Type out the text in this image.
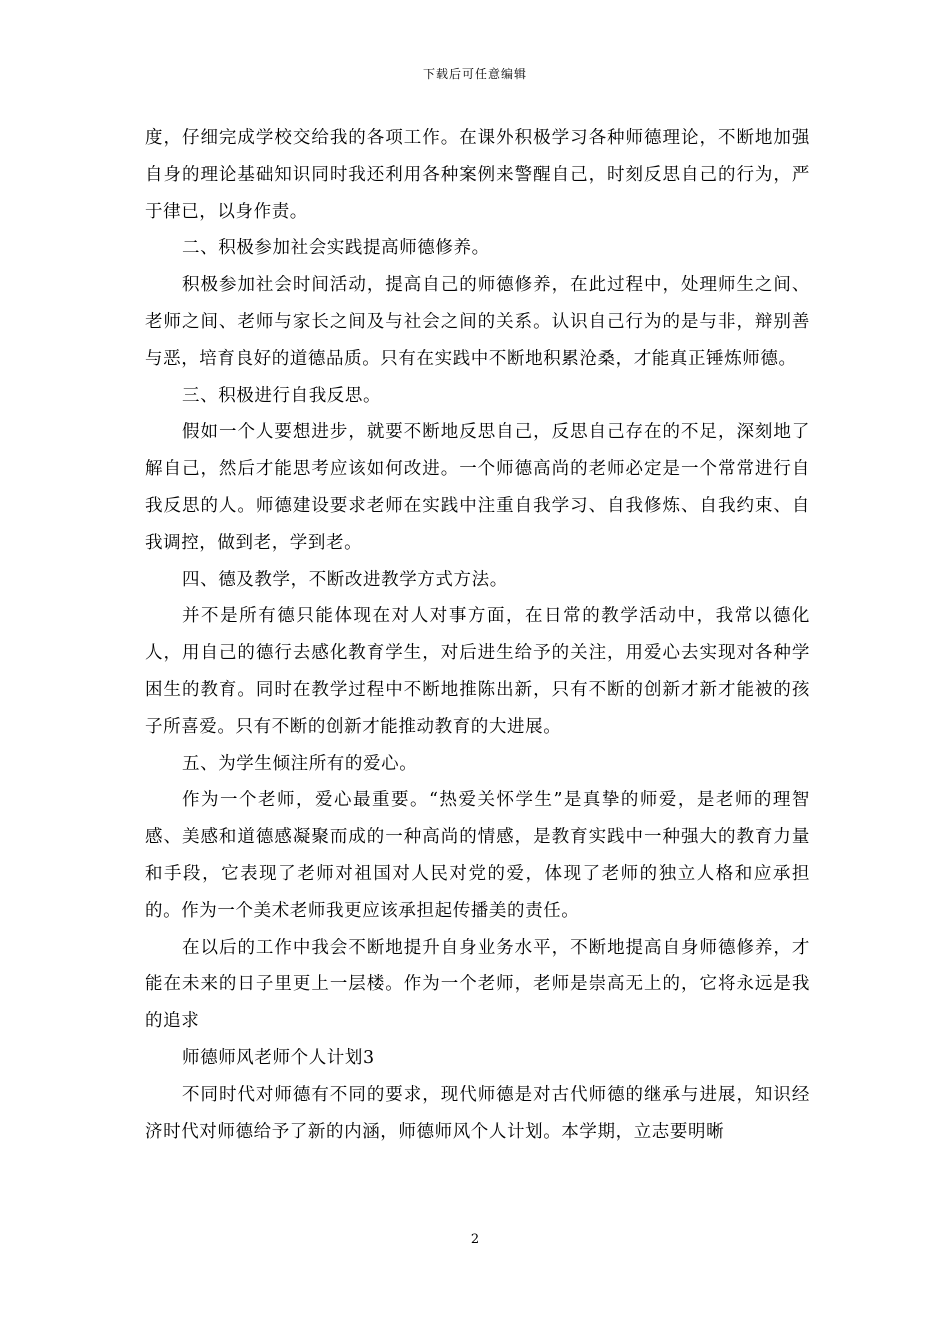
下载后可任意编辑

度，仔细完成学校交给我的各项工作。在课外积极学习各种师德理论，不断地加强自身的理论基础知识同时我还利用各种案例来警醒自己，时刻反思自己的行为，严于律已，以身作责。

二、积极参加社会实践提高师德修养。

积极参加社会时间活动，提高自己的师德修养，在此过程中，处理师生之间、老师之间、老师与家长之间及与社会之间的关系。认识自己行为的是与非，辩别善与恶，培育良好的道德品质。只有在实践中不断地积累沧桑，才能真正锤炼师德。

三、积极进行自我反思。

假如一个人要想进步，就要不断地反思自己，反思自己存在的不足，深刻地了解自己，然后才能思考应该如何改进。一个师德高尚的老师必定是一个常常进行自我反思的人。师德建设要求老师在实践中注重自我学习、自我修炼、自我约束、自我调控，做到老，学到老。

四、德及教学，不断改进教学方式方法。

并不是所有德只能体现在对人对事方面，在日常的教学活动中，我常以德化人，用自己的德行去感化教育学生，对后进生给予的关注，用爱心去实现对各种学困生的教育。同时在教学过程中不断地推陈出新，只有不断的创新才新才能被的孩子所喜爱。只有不断的创新才能推动教育的大进展。

五、为学生倾注所有的爱心。

作为一个老师，爱心最重要。“热爱关怀学生”是真挚的师爱，是老师的理智感、美感和道德感凝聚而成的一种高尚的情感，是教育实践中一种强大的教育力量和手段，它表现了老师对祖国对人民对党的爱，体现了老师的独立人格和应承担的。作为一个美术老师我更应该承担起传播美的责任。

在以后的工作中我会不断地提升自身业务水平，不断地提高自身师德修养，才能在未来的日子里更上一层楼。作为一个老师，老师是崇高无上的，它将永远是我的追求

师德师风老师个人计划3

不同时代对师德有不同的要求，现代师德是对古代师德的继承与进展，知识经济时代对师德给予了新的内涵，师德师风个人计划。本学期，立志要明晰

2
